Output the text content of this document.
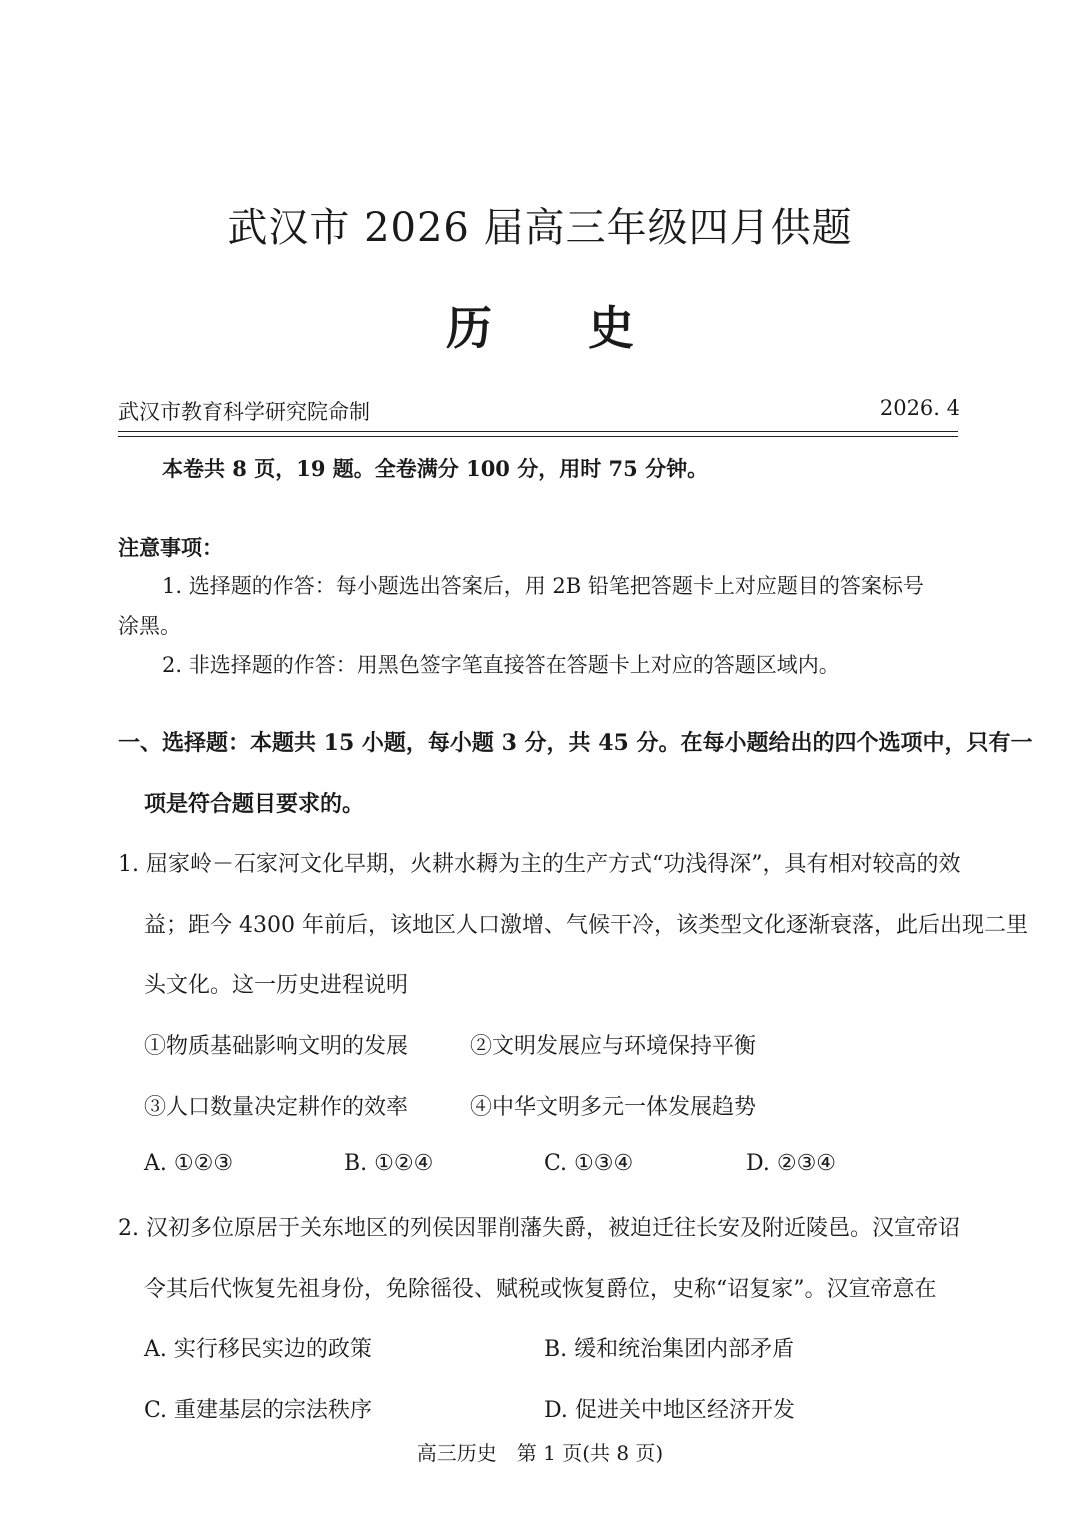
武汉市 2026 届高三年级四月供题
历 史
武汉市教育科学研究院命制	2026. 4
本卷共 8 页，19 题。全卷满分 100 分，用时 75 分钟。
注意事项：
1. 选择题的作答：每小题选出答案后，用 2B 铅笔把答题卡上对应题目的答案标号
涂黑。
2. 非选择题的作答：用黑色签字笔直接答在答题卡上对应的答题区域内。
一、选择题：本题共 15 小题，每小题 3 分，共 45 分。在每小题给出的四个选项中，只有一
项是符合题目要求的。
1. 屈家岭－石家河文化早期，火耕水耨为主的生产方式“功浅得深”，具有相对较高的效
益；距今 4300 年前后，该地区人口激增、气候干冷，该类型文化逐渐衰落，此后出现二里
头文化。这一历史进程说明
①物质基础影响文明的发展	②文明发展应与环境保持平衡
③人口数量决定耕作的效率	④中华文明多元一体发展趋势
A. ①②③	B. ①②④	C. ①③④	D. ②③④
2. 汉初多位原居于关东地区的列侯因罪削藩失爵，被迫迁往长安及附近陵邑。汉宣帝诏
令其后代恢复先祖身份，免除徭役、赋税或恢复爵位，史称“诏复家”。汉宣帝意在
A. 实行移民实边的政策	B. 缓和统治集团内部矛盾
C. 重建基层的宗法秩序	D. 促进关中地区经济开发
高三历史　第 1 页(共 8 页)
